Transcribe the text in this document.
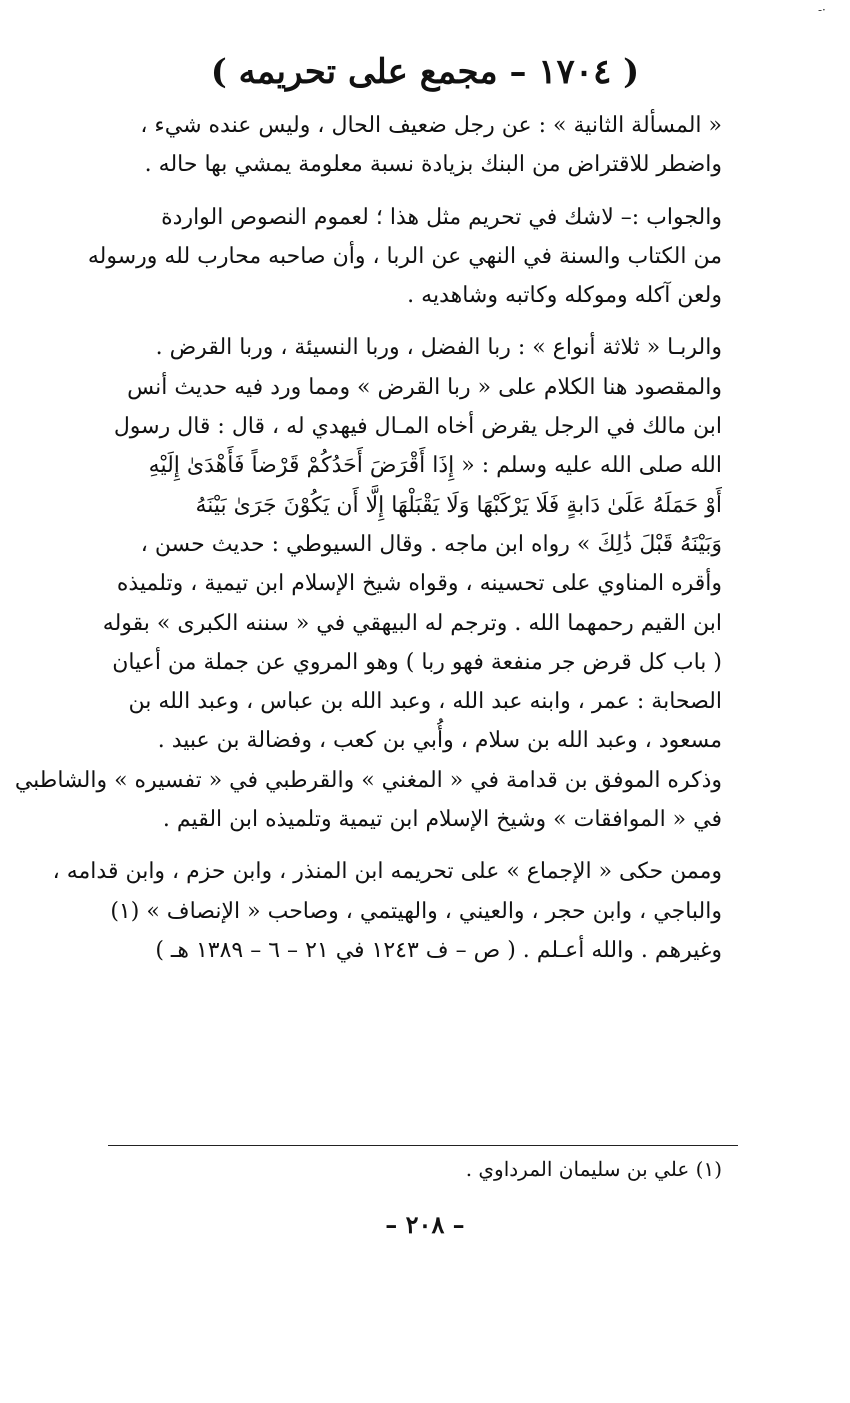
·-
( ١٧٠٤ – مجمع على تحريمه )
« المسألة الثانية » : عن رجل ضعيف الحال ، وليس عنده شيء ،
واضطر للاقتراض من البنك بزيادة نسبة معلومة يمشي بها حاله .
والجواب :– لاشك في تحريم مثل هذا ؛ لعموم النصوص الواردة
من الكتاب والسنة في النهي عن الربا ، وأن صاحبه محارب لله ورسوله
ولعن آكله وموكله وكاتبه وشاهديه .
والربـا « ثلاثة أنواع » : ربا الفضل ، وربا النسيئة ، وربا القرض .
والمقصود هنا الكلام على « ربا القرض » ومما ورد فيه حديث أنس
ابن مالك في الرجل يقرض أخاه المـال فيهدي له ، قال : قال رسول
الله صلى الله عليه وسلم : « إِذَا أَقْرَضَ أَحَدُكُمْ قَرْضاً فَأَهْدَىٰ إِلَيْهِ
أَوْ حَمَلَهُ عَلَىٰ دَابةٍ فَلَا يَرْكَبْهَا وَلَا يَقْبَلْهَا إِلَّا أَن يَكُوْنَ جَرَىٰ بَيْنَهُ
وَبَيْنَهُ قَبْلَ ذَٰلِكَ » رواه ابن ماجه . وقال السيوطي : حديث حسن ،
وأقره المناوي على تحسينه ، وقواه شيخ الإسلام ابن تيمية ، وتلميذه
ابن القيم رحمهما الله . وترجم له البيهقي في « سننه الكبرى » بقوله
( باب كل قرض جر منفعة فهو ربا ) وهو المروي عن جملة من أعيان
الصحابة : عمر ، وابنه عبد الله ، وعبد الله بن عباس ، وعبد الله بن
مسعود ، وعبد الله بن سلام ، وأُبي بن كعب ، وفضالة بن عبيد .
وذكره الموفق بن قدامة في « المغني » والقرطبي في « تفسيره » والشاطبي
في « الموافقات » وشيخ الإسلام ابن تيمية وتلميذه ابن القيم .
وممن حكى « الإجماع » على تحريمه ابن المنذر ، وابن حزم ، وابن قدامه ،
والباجي ، وابن حجر ، والعيني ، والهيتمي ، وصاحب « الإنصاف » (١)
وغيرهم . والله أعـلم . ( ص – ف ١٢٤٣ في ٢١ – ٦ – ١٣٨٩ هـ )
(١) علي بن سليمان المرداوي .
– ٢٠٨ –
